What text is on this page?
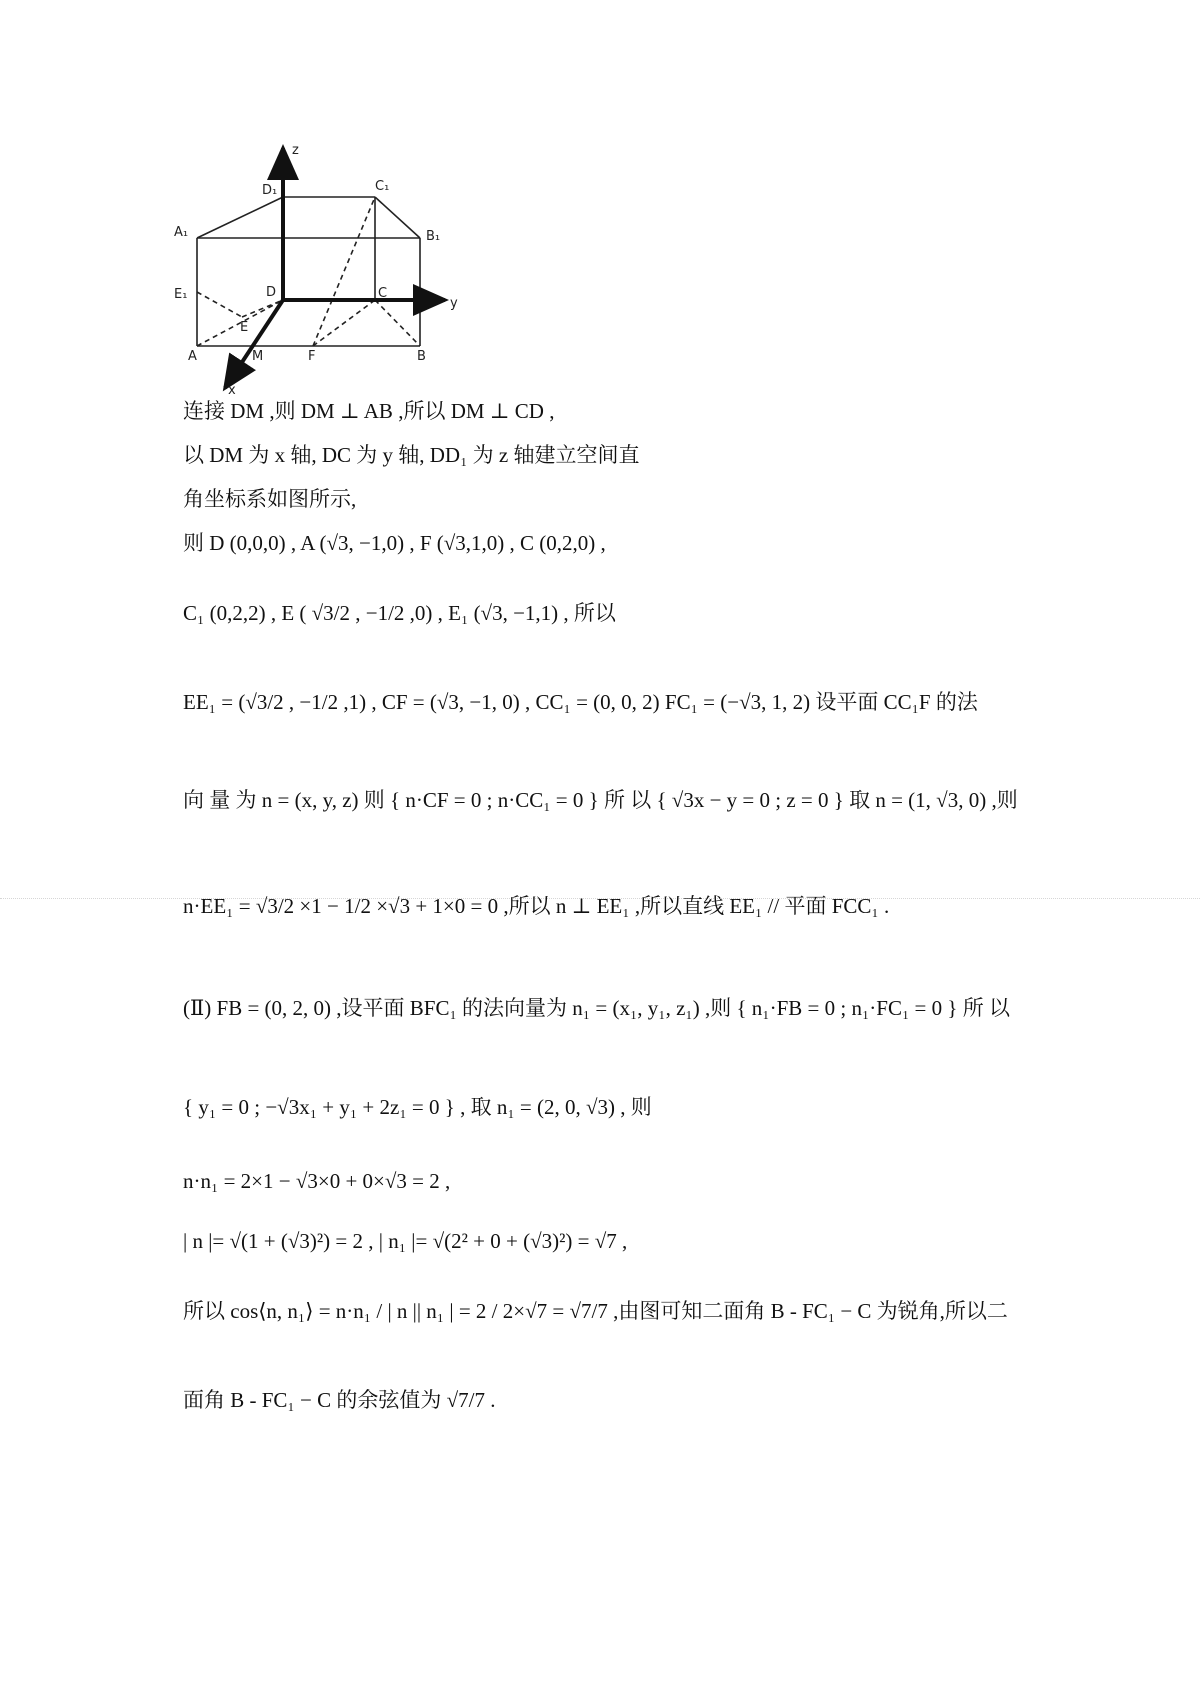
z
y
x
D₁	C₁
A₁	B₁
E₁	D	C
E
A	M	F	B
连接 DM ,则 DM ⊥ AB ,所以 DM ⊥ CD ,
以 DM 为 x 轴, DC 为 y 轴, DD₁ 为 z 轴建立空间直
角坐标系如图所示,
则 D (0,0,0) , A (√3, −1,0) , F (√3,1,0) , C (0,2,0) ,
C₁ (0,2,2) , E ( √3/2 , −1/2 ,0) , E₁ (√3, −1,1) , 所以
EE₁ = (√3/2 , −1/2 ,1) , CF = (√3, −1, 0) , CC₁ = (0, 0, 2) FC₁ = (−√3, 1, 2) 设平面 CC₁F 的法
向 量 为 n = (x, y, z) 则 { n·CF = 0 ; n·CC₁ = 0 } 所 以 { √3x − y = 0 ; z = 0 } 取 n = (1, √3, 0) ,则
n·EE₁ = √3/2 ×1 − 1/2 ×√3 + 1×0 = 0 ,所以 n ⊥ EE₁ ,所以直线 EE₁ // 平面 FCC₁ .
(Ⅱ) FB = (0, 2, 0) ,设平面 BFC₁ 的法向量为 n₁ = (x₁, y₁, z₁) ,则 { n₁·FB = 0 ; n₁·FC₁ = 0 } 所 以
{ y₁ = 0 ; −√3x₁ + y₁ + 2z₁ = 0 } , 取 n₁ = (2, 0, √3) , 则
n·n₁ = 2×1 − √3×0 + 0×√3 = 2 ,
| n |= √(1 + (√3)²) = 2 , | n₁ |= √(2² + 0 + (√3)²) = √7 ,
所以 cos⟨n, n₁⟩ = n·n₁ / | n || n₁ | = 2 / 2×√7 = √7/7 ,由图可知二面角 B - FC₁ − C 为锐角,所以二
面角 B - FC₁ − C 的余弦值为 √7/7 .
